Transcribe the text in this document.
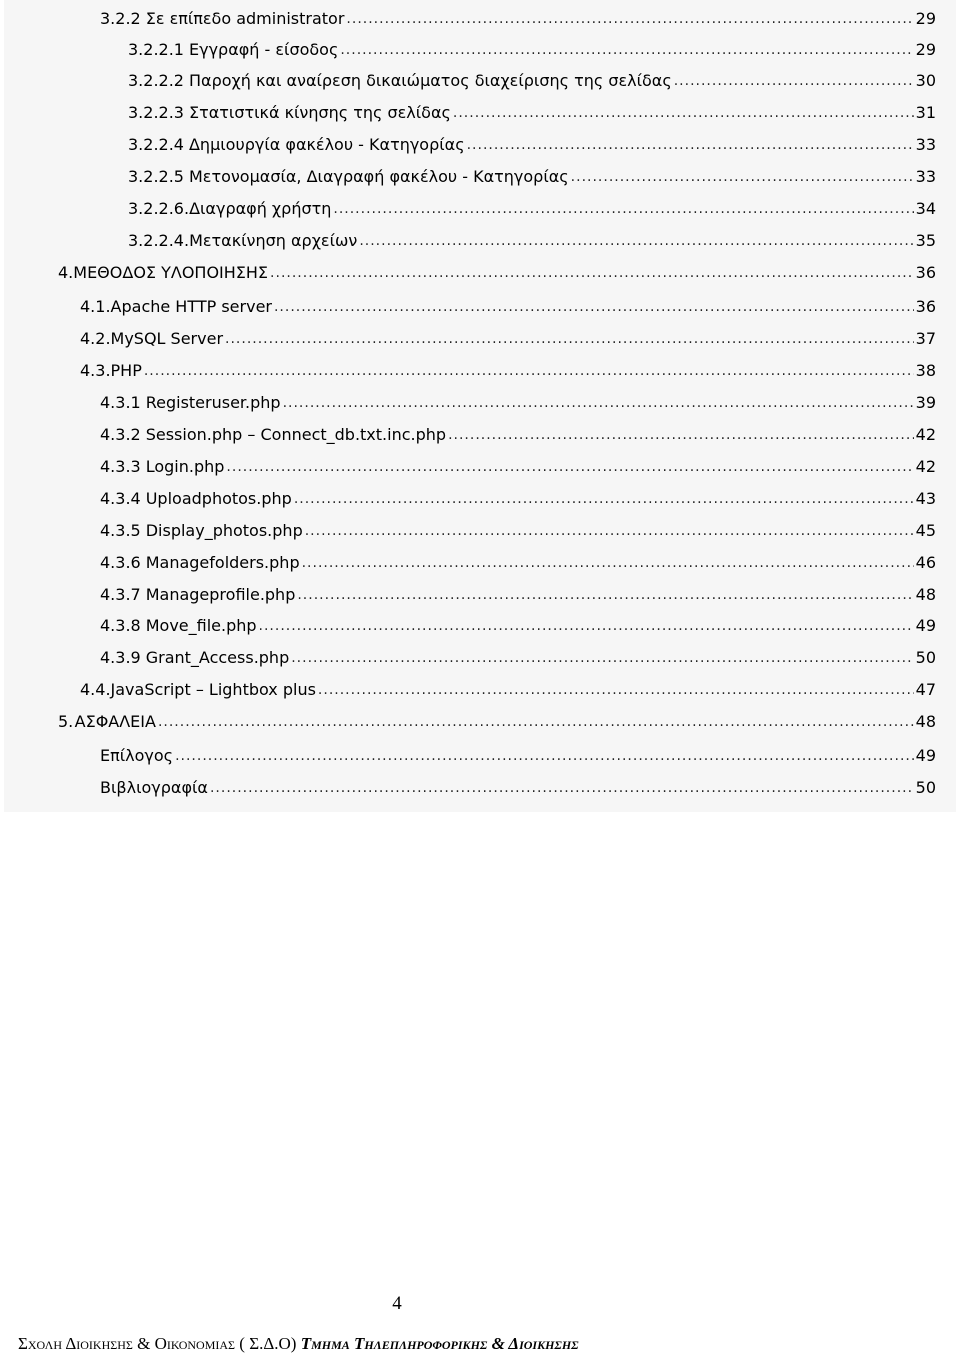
3.2.2 Σε επίπεδο administrator .....	29
3.2.2.1 Εγγραφή - είσοδος .....	29
3.2.2.2 Παροχή και αναίρεση δικαιώματος διαχείρισης της σελίδας .....	30
3.2.2.3 Στατιστικά κίνησης της σελίδας .....	31
3.2.2.4 Δημιουργία φακέλου - Κατηγορίας .....	33
3.2.2.5 Μετονομασία, Διαγραφή φακέλου - Κατηγορίας .....	33
3.2.2.6. Διαγραφή χρήστη .....	34
3.2.2.4. Μετακίνηση αρχείων .....	35
4. ΜΕΘΟΔΟΣ ΥΛΟΠΟΙΗΣΗΣ .....	36
4.1. Apache HTTP server .....	36
4.2. MySQL Server .....	37
4.3. PHP .....	38
4.3.1 Registeruser.php .....	39
4.3.2 Session.php – Connect_db.txt.inc.php .....	42
4.3.3 Login.php .....	42
4.3.4 Uploadphotos.php .....	43
4.3.5 Display_photos.php .....	45
4.3.6 Managefolders.php .....	46
4.3.7 Manageprofile.php .....	48
4.3.8 Move_file.php .....	49
4.3.9 Grant_Access.php .....	50
4.4. JavaScript – Lightbox plus .....	47
5. ΑΣΦΑΛΕΙΑ .....	48
Επίλογος .....	49
Βιβλιογραφία .....	50
4
Σχολη Διοικησης & Οικονομιας ( Σ.Δ.Ο) Τμημα Τηλεπληροφορικης & Διοικησης
